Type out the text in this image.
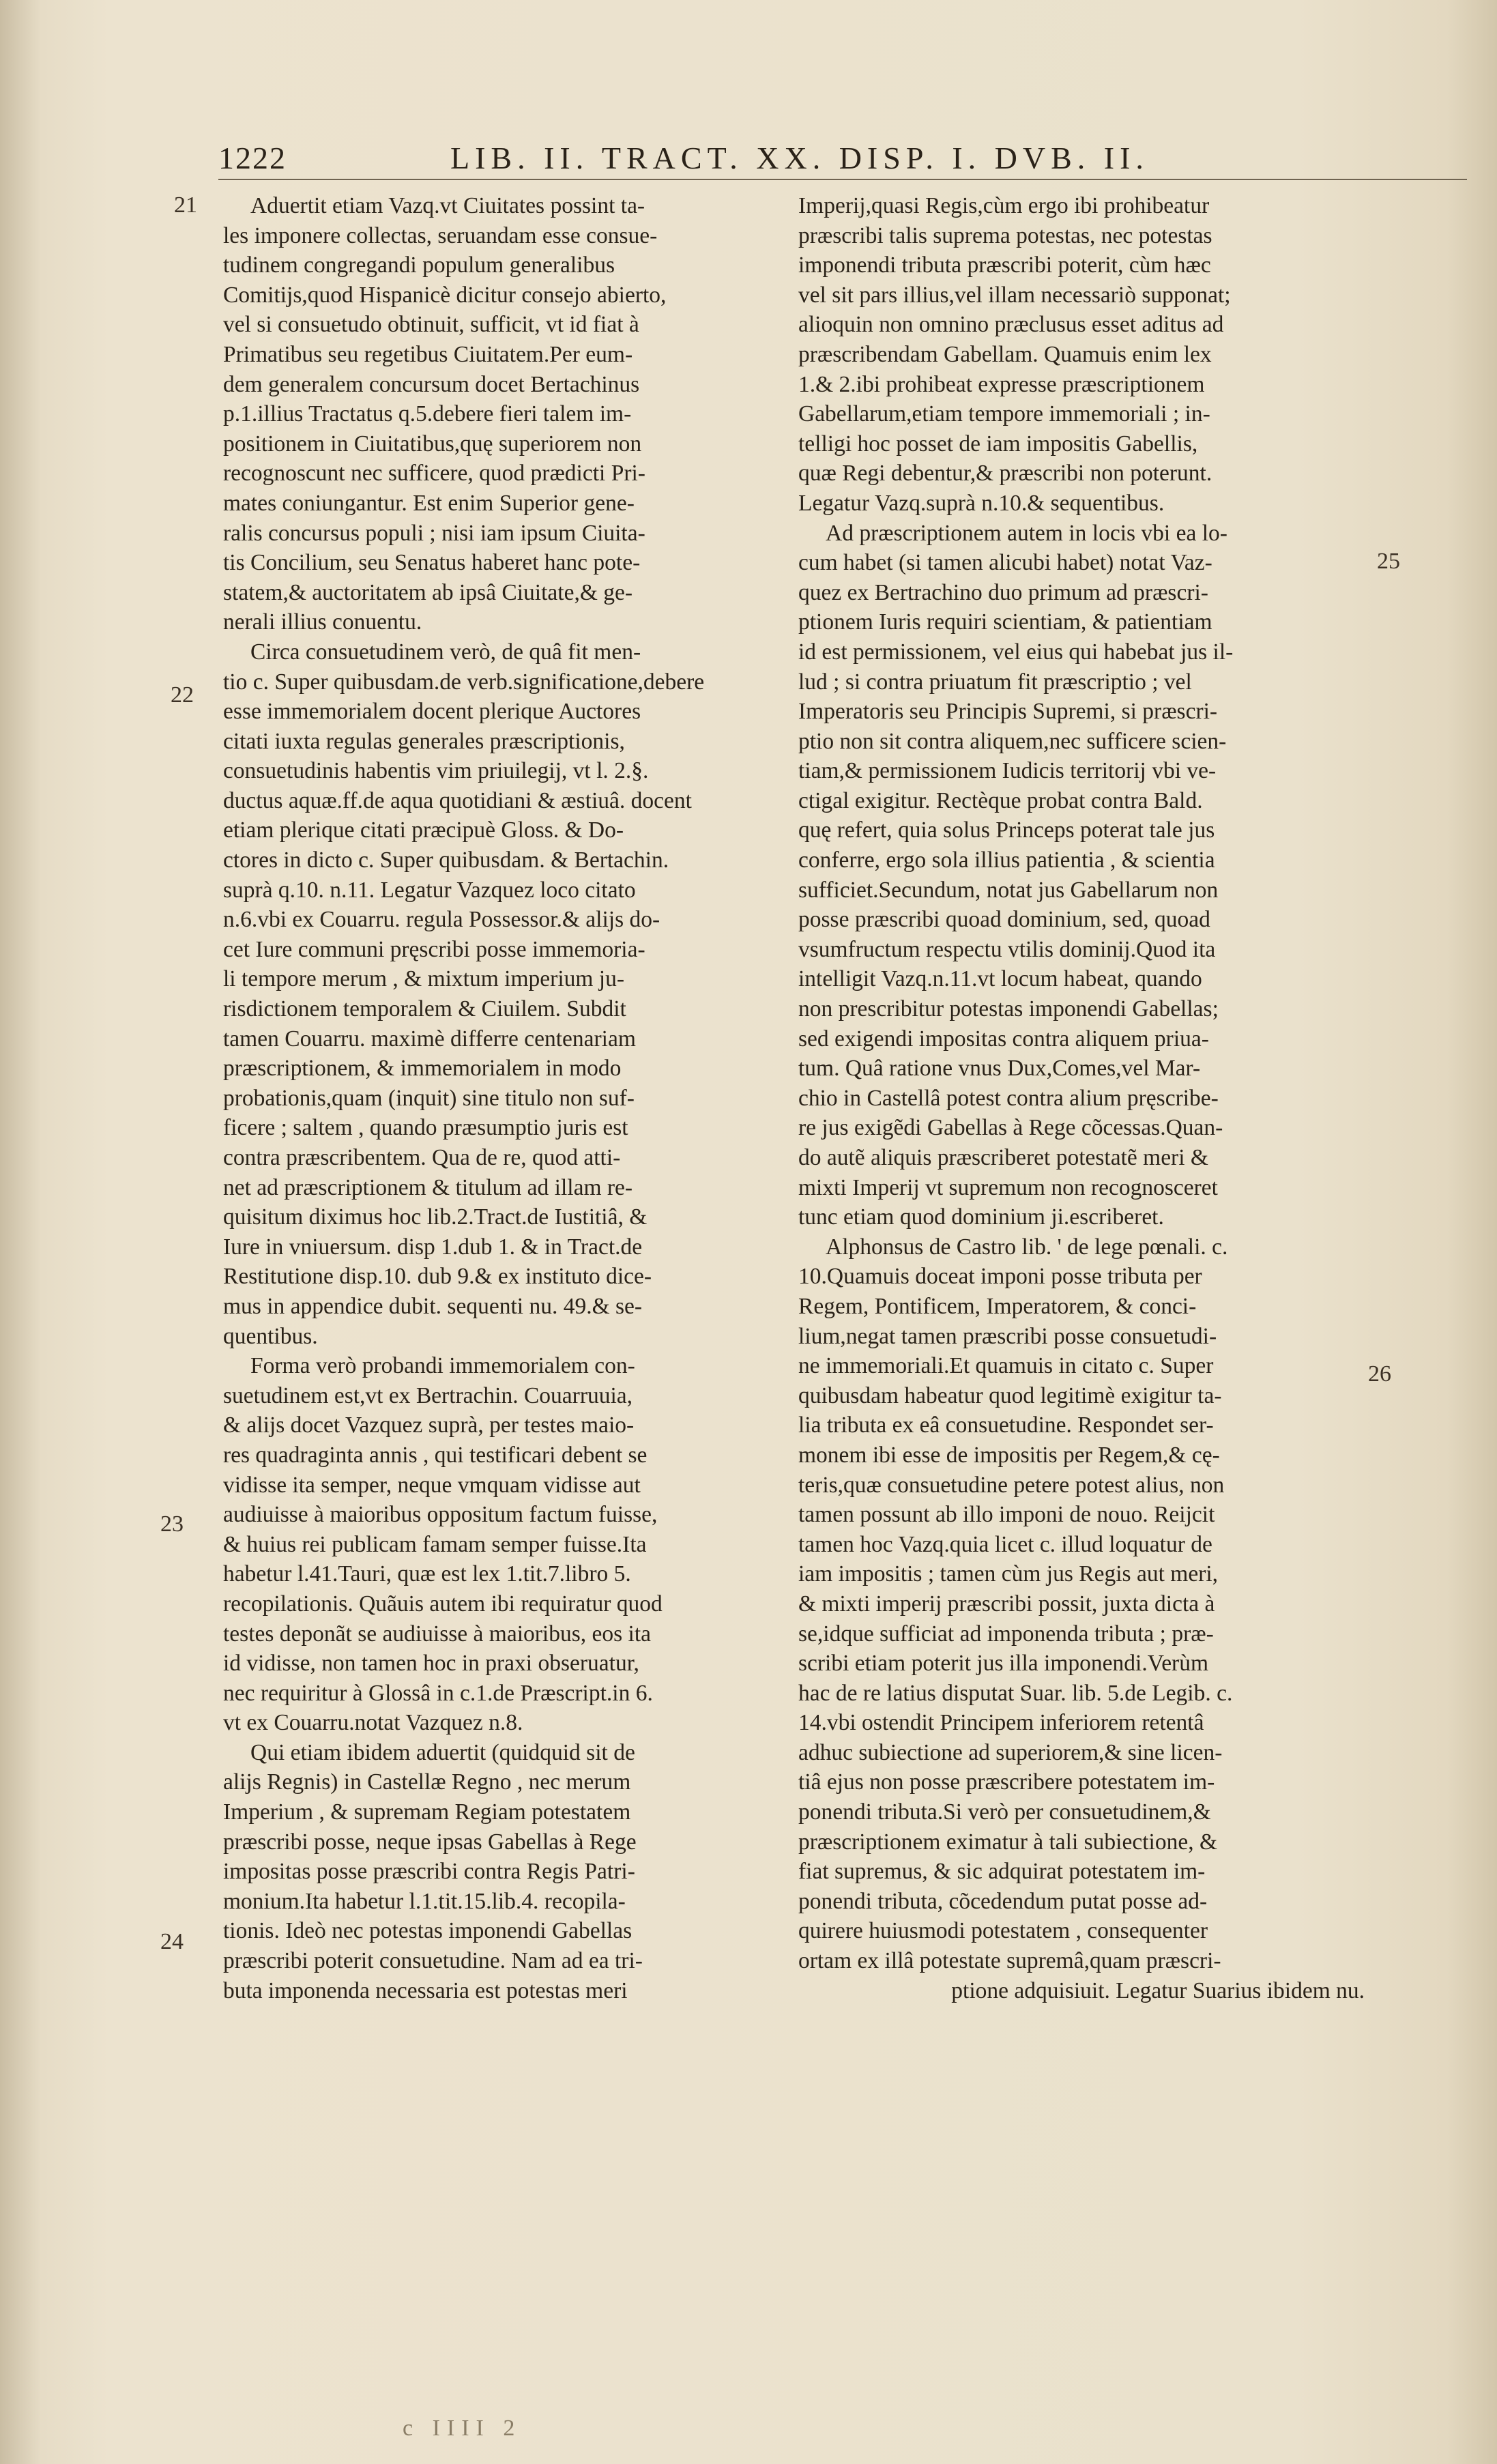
1222	LIB. II. TRACT. XX. DISP. I. DVB. II.
21
22
23
24
25
26
Aduertit etiam Vazq.vt Ciuitates possint ta-
les imponere collectas, seruandam esse consue-
tudinem congregandi populum generalibus
Comitijs,quod Hispanicè dicitur consejo abierto,
vel si consuetudo obtinuit, sufficit, vt id fiat à
Primatibus seu regetibus Ciuitatem.Per eum-
dem generalem concursum docet Bertachinus
p.1.illius Tractatus q.5.debere fieri talem im-
positionem in Ciuitatibus,quę superiorem non
recognoscunt nec sufficere, quod prædicti Pri-
mates coniungantur. Est enim Superior gene-
ralis concursus populi ; nisi iam ipsum Ciuita-
tis Concilium, seu Senatus haberet hanc pote-
statem,& auctoritatem ab ipsâ Ciuitate,& ge-
nerali illius conuentu.
Circa consuetudinem verò, de quâ fit men-
tio c. Super quibusdam.de verb.significatione,debere
esse immemorialem docent plerique Auctores
citati iuxta regulas generales præscriptionis,
consuetudinis habentis vim priuilegij, vt l. 2.§.
ductus aquæ.ff.de aqua quotidiani & æstiuâ. docent
etiam plerique citati præcipuè Gloss. & Do-
ctores in dicto c. Super quibusdam. & Bertachin.
suprà q.10. n.11. Legatur Vazquez loco citato
n.6.vbi ex Couarru. regula Possessor.& alijs do-
cet Iure communi pręscribi posse immemoria-
li tempore merum , & mixtum imperium ju-
risdictionem temporalem & Ciuilem. Subdit
tamen Couarru. maximè differre centenariam
præscriptionem, & immemorialem in modo
probationis,quam (inquit) sine titulo non suf-
ficere ; saltem , quando præsumptio juris est
contra præscribentem. Qua de re, quod atti-
net ad præscriptionem & titulum ad illam re-
quisitum diximus hoc lib.2.Tract.de Iustitiâ, &
Iure in vniuersum. disp 1.dub 1. & in Tract.de
Restitutione disp.10. dub 9.& ex instituto dice-
mus in appendice dubit. sequenti nu. 49.& se-
quentibus.
Forma verò probandi immemorialem con-
suetudinem est,vt ex Bertrachin. Couarruuia,
& alijs docet Vazquez suprà, per testes maio-
res quadraginta annis , qui testificari debent se
vidisse ita semper, neque vmquam vidisse aut
audiuisse à maioribus oppositum factum fuisse,
& huius rei publicam famam semper fuisse.Ita
habetur l.41.Tauri, quæ est lex 1.tit.7.libro 5.
recopilationis. Quãuis autem ibi requiratur quod
testes deponãt se audiuisse à maioribus, eos ita
id vidisse, non tamen hoc in praxi obseruatur,
nec requiritur à Glossâ in c.1.de Præscript.in 6.
vt ex Couarru.notat Vazquez n.8.
Qui etiam ibidem aduertit (quidquid sit de
alijs Regnis) in Castellæ Regno , nec merum
Imperium , & supremam Regiam potestatem
præscribi posse, neque ipsas Gabellas à Rege
impositas posse præscribi contra Regis Patri-
monium.Ita habetur l.1.tit.15.lib.4. recopila-
tionis. Ideò nec potestas imponendi Gabellas
præscribi poterit consuetudine. Nam ad ea tri-
buta imponenda necessaria est potestas meri
Imperij,quasi Regis,cùm ergo ibi prohibeatur
præscribi talis suprema potestas, nec potestas
imponendi tributa præscribi poterit, cùm hæc
vel sit pars illius,vel illam necessariò supponat;
alioquin non omnino præclusus esset aditus ad
præscribendam Gabellam. Quamuis enim lex
1.& 2.ibi prohibeat expresse præscriptionem
Gabellarum,etiam tempore immemoriali ; in-
telligi hoc posset de iam impositis Gabellis,
quæ Regi debentur,& præscribi non poterunt.
Legatur Vazq.suprà n.10.& sequentibus.
Ad præscriptionem autem in locis vbi ea lo-
cum habet (si tamen alicubi habet) notat Vaz-
quez ex Bertrachino duo primum ad præscri-
ptionem Iuris requiri scientiam, & patientiam
id est permissionem, vel eius qui habebat jus il-
lud ; si contra priuatum fit præscriptio ; vel
Imperatoris seu Principis Supremi, si præscri-
ptio non sit contra aliquem,nec sufficere scien-
tiam,& permissionem Iudicis territorij vbi ve-
ctigal exigitur. Rectèque probat contra Bald.
quę refert, quia solus Princeps poterat tale jus
conferre, ergo sola illius patientia , & scientia
sufficiet.Secundum, notat jus Gabellarum non
posse præscribi quoad dominium, sed, quoad
vsumfructum respectu vtilis dominij.Quod ita
intelligit Vazq.n.11.vt locum habeat, quando
non prescribitur potestas imponendi Gabellas;
sed exigendi impositas contra aliquem priua-
tum. Quâ ratione vnus Dux,Comes,vel Mar-
chio in Castellâ potest contra alium pręscribe-
re jus exigẽdi Gabellas à Rege cõcessas.Quan-
do autẽ aliquis præscriberet potestatẽ meri &
mixti Imperij vt supremum non recognosceret
tunc etiam quod dominium ji.escriberet.
Alphonsus de Castro lib. ' de lege pœnali. c.
10.Quamuis doceat imponi posse tributa per
Regem, Pontificem, Imperatorem, & conci-
lium,negat tamen præscribi posse consuetudi-
ne immemoriali.Et quamuis in citato c. Super
quibusdam habeatur quod legitimè exigitur ta-
lia tributa ex eâ consuetudine. Respondet ser-
monem ibi esse de impositis per Regem,& cę-
teris,quæ consuetudine petere potest alius, non
tamen possunt ab illo imponi de nouo. Reijcit
tamen hoc Vazq.quia licet c. illud loquatur de
iam impositis ; tamen cùm jus Regis aut meri,
& mixti imperij præscribi possit, juxta dicta à
se,idque sufficiat ad imponenda tributa ; præ-
scribi etiam poterit jus illa imponendi.Verùm
hac de re latius disputat Suar. lib. 5.de Legib. c.
14.vbi ostendit Principem inferiorem retentâ
adhuc subiectione ad superiorem,& sine licen-
tiâ ejus non posse præscribere potestatem im-
ponendi tributa.Si verò per consuetudinem,&
præscriptionem eximatur à tali subiectione, &
fiat supremus, & sic adquirat potestatem im-
ponendi tributa, cõcedendum putat posse ad-
quirere huiusmodi potestatem , consequenter
ortam ex illâ potestate supremâ,quam præscri-
ptione adquisiuit. Legatur Suarius ibidem nu.
c IIII 2
